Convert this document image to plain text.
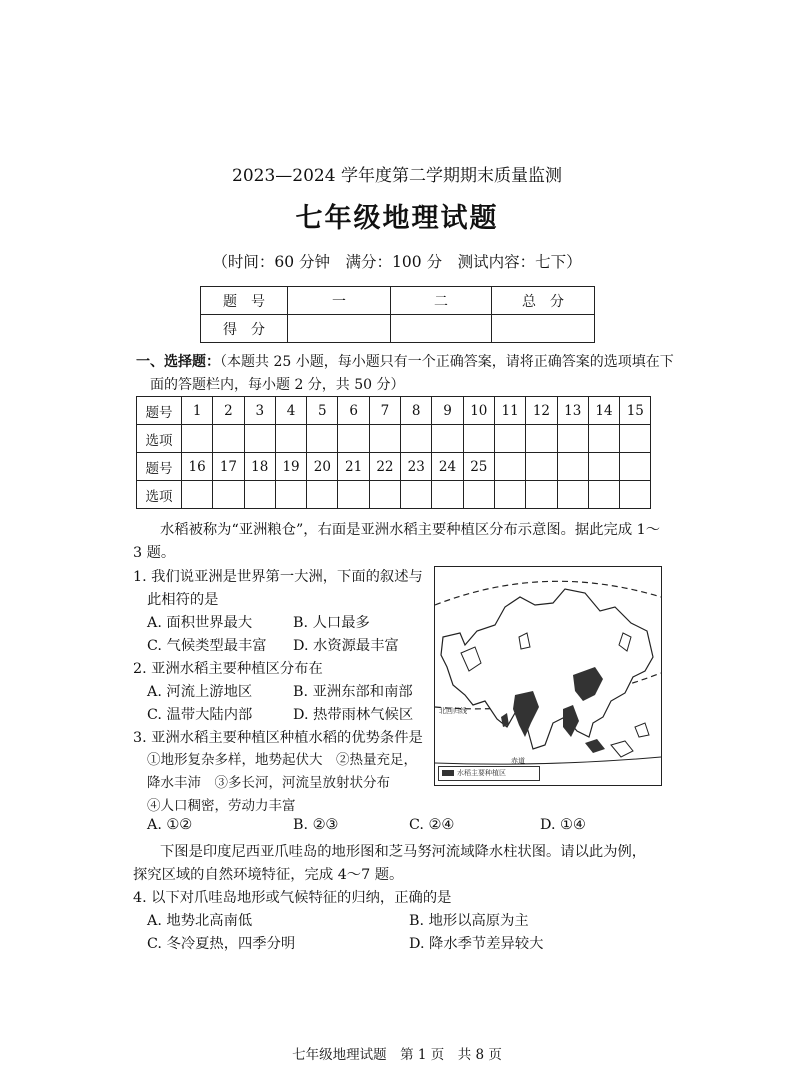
2023—2024 学年度第二学期期末质量监测
七年级地理试题
（时间：60 分钟　满分：100 分　测试内容：七下）
题　号	一	二	总　分
得　分			
一、选择题：（本题共 25 小题，每小题只有一个正确答案，请将正确答案的选项填在下
面的答题栏内，每小题 2 分，共 50 分）
题号	1	2	3	4	5	6	7	8	9	10	11	12	13	14	15
选项															
题号	16	17	18	19	20	21	22	23	24	25					
选项															
水稻被称为“亚洲粮仓”，右面是亚洲水稻主要种植区分布示意图。据此完成 1～
3 题。
1. 我们说亚洲是世界第一大洲，下面的叙述与
此相符的是
A. 面积世界最大	B. 人口最多
C. 气候类型最丰富 D. 水资源最丰富
2. 亚洲水稻主要种植区分布在
A. 河流上游地区	B. 亚洲东部和南部
C. 温带大陆内部	D. 热带雨林气候区
3. 亚洲水稻主要种植区种植水稻的优势条件是
①地形复杂多样，地势起伏大　②热量充足，
降水丰沛　③多长河，河流呈放射状分布
④人口稠密，劳动力丰富
A. ①②	B. ②③	C. ②④	D. ①④
北回归线
赤道
水稻主要种植区
下图是印度尼西亚爪哇岛的地形图和芝马努河流域降水柱状图。请以此为例，
探究区域的自然环境特征，完成 4～7 题。
4. 以下对爪哇岛地形或气候特征的归纳，正确的是
A. 地势北高南低	B. 地形以高原为主
C. 冬冷夏热，四季分明	D. 降水季节差异较大
七年级地理试题　第 1 页　共 8 页
